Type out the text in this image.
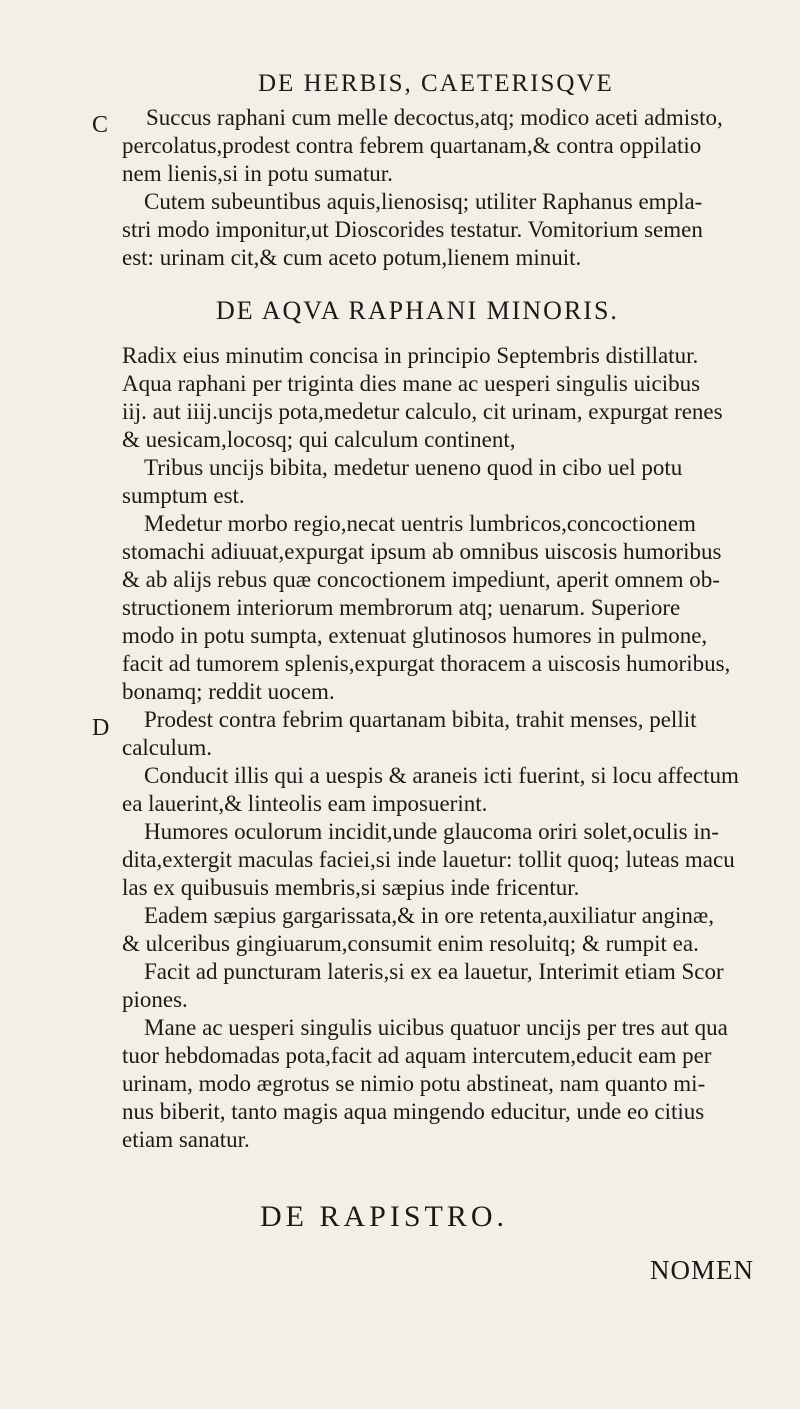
DE HERBIS, CAETERISQVE
C
D
Succus raphani cum melle decoctus,atq; modico aceti admisto,
percolatus,prodest contra febrem quartanam,& contra oppilatio
nem lienis,si in potu sumatur.
Cutem subeuntibus aquis,lienosisq; utiliter Raphanus empla-
stri modo imponitur,ut Dioscorides testatur. Vomitorium semen
est: urinam cit,& cum aceto potum,lienem minuit.
DE AQVA RAPHANI MINORIS.
Radix eius minutim concisa in principio Septembris distillatur.
Aqua raphani per triginta dies mane ac uesperi singulis uicibus
iij. aut iiij.uncijs pota,medetur calculo, cit urinam, expurgat renes
& uesicam,locosq; qui calculum continent,
Tribus uncijs bibita, medetur ueneno quod in cibo uel potu
sumptum est.
Medetur morbo regio,necat uentris lumbricos,concoctionem
stomachi adiuuat,expurgat ipsum ab omnibus uiscosis humoribus
& ab alijs rebus quæ concoctionem impediunt, aperit omnem ob-
structionem interiorum membrorum atq; uenarum. Superiore
modo in potu sumpta, extenuat glutinosos humores in pulmone,
facit ad tumorem splenis,expurgat thoracem a uiscosis humoribus,
bonamq; reddit uocem.
Prodest contra febrim quartanam bibita, trahit menses, pellit
calculum.
Conducit illis qui a uespis & araneis icti fuerint, si locu affectum
ea lauerint,& linteolis eam imposuerint.
Humores oculorum incidit,unde glaucoma oriri solet,oculis in-
dita,extergit maculas faciei,si inde lauetur: tollit quoq; luteas macu
las ex quibusuis membris,si sæpius inde fricentur.
Eadem sæpius gargarissata,& in ore retenta,auxiliatur anginæ,
& ulceribus gingiuarum,consumit enim resoluitq; & rumpit ea.
Facit ad puncturam lateris,si ex ea lauetur, Interimit etiam Scor
piones.
Mane ac uesperi singulis uicibus quatuor uncijs per tres aut qua
tuor hebdomadas pota,facit ad aquam intercutem,educit eam per
urinam, modo ægrotus se nimio potu abstineat, nam quanto mi-
nus biberit, tanto magis aqua mingendo educitur, unde eo citius
etiam sanatur.
DE RAPISTRO.
NOMEN
